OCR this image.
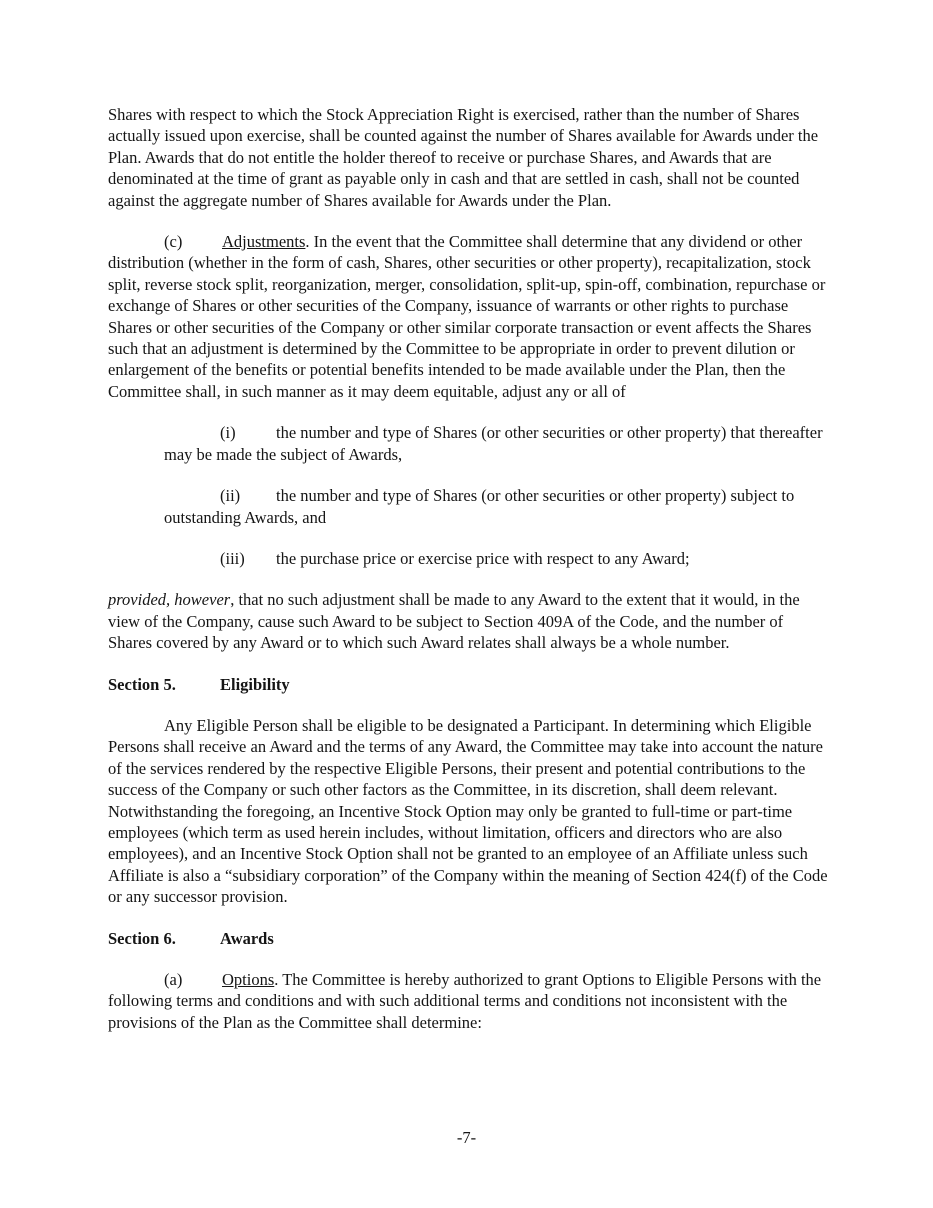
Shares with respect to which the Stock Appreciation Right is exercised, rather than the number of Shares actually issued upon exercise, shall be counted against the number of Shares available for Awards under the Plan. Awards that do not entitle the holder thereof to receive or purchase Shares, and Awards that are denominated at the time of grant as payable only in cash and that are settled in cash, shall not be counted against the aggregate number of Shares available for Awards under the Plan.

(c) Adjustments. In the event that the Committee shall determine that any dividend or other distribution (whether in the form of cash, Shares, other securities or other property), recapitalization, stock split, reverse stock split, reorganization, merger, consolidation, split-up, spin-off, combination, repurchase or exchange of Shares or other securities of the Company, issuance of warrants or other rights to purchase Shares or other securities of the Company or other similar corporate transaction or event affects the Shares such that an adjustment is determined by the Committee to be appropriate in order to prevent dilution or enlargement of the benefits or potential benefits intended to be made available under the Plan, then the Committee shall, in such manner as it may deem equitable, adjust any or all of

(i) the number and type of Shares (or other securities or other property) that thereafter may be made the subject of Awards,

(ii) the number and type of Shares (or other securities or other property) subject to outstanding Awards, and

(iii) the purchase price or exercise price with respect to any Award;

provided, however, that no such adjustment shall be made to any Award to the extent that it would, in the view of the Company, cause such Award to be subject to Section 409A of the Code, and the number of Shares covered by any Award or to which such Award relates shall always be a whole number.

Section 5.	Eligibility

Any Eligible Person shall be eligible to be designated a Participant. In determining which Eligible Persons shall receive an Award and the terms of any Award, the Committee may take into account the nature of the services rendered by the respective Eligible Persons, their present and potential contributions to the success of the Company or such other factors as the Committee, in its discretion, shall deem relevant. Notwithstanding the foregoing, an Incentive Stock Option may only be granted to full-time or part-time employees (which term as used herein includes, without limitation, officers and directors who are also employees), and an Incentive Stock Option shall not be granted to an employee of an Affiliate unless such Affiliate is also a “subsidiary corporation” of the Company within the meaning of Section 424(f) of the Code or any successor provision.

Section 6.	Awards

(a) Options. The Committee is hereby authorized to grant Options to Eligible Persons with the following terms and conditions and with such additional terms and conditions not inconsistent with the provisions of the Plan as the Committee shall determine:

-7-
